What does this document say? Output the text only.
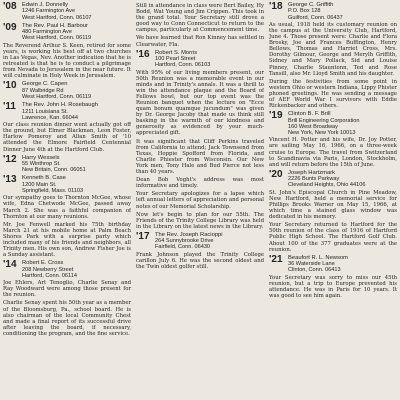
'08 Edwin J. Donnelly
1246 Farmington Ave
West Hartford, Conn. 06107
'09 The Rev. Paul H. Barbour
480 Farmington Ave
West Hartford, Conn. 06119

The Reverend Arthur S. Keen, retired for some years, is working his best off at two churches in Las Vegas, Nev. Another indication that he is retreated is that he is to conduct a pilgrimage from Nevada to Jerusalem in the near future. It will culminate in Holy Week in Jerusalem.

'10 George C. Capen
87 Walbridge Rd
West Hartford, Conn. 06119
'11	The Rev. John H. Rosebaugh
1211 Louisiana St.
Lawrence, Kan. 66044

Our class reunion dinner went actually got off the ground, but Elmer Blackman, Leon Foster, Harlow Pomeroy and Allan Smith of '10 attended the Elmore Fairfield Centennial Dinner June 4th at the Hartford Club.

'12 Harry Wessels
55 Winthrop St.
New Britain, Conn. 06051
'13 Kenneth B. Case
1200 Main St.
Springfield, Mass. 01103

Our sympathy goes to Thornton McGee, whose wife, Edna Chetwode McGee, passed away March 2. She was a faithful companion of Thornton at our many reunions.

Mr. Joe Fenwell marked his 75th birthday March 21 at his mobile home at Palm Beach Shores Park with a surprise party which included many of his friends and neighbors, all Trinity men. His own son, Andrew Fisher Joe is a Sunday assistant.

'14 Robert E. Cross
208 Newberry Street
Hartford, Conn. 06114

Joe Ehlers, Art Tenoglio, Charlie Senay and Ray Woodward were among those present for the reunion.

Charlie Senay spent his 50th year as a member of the Bloomsburg, Pa., school board. He is also chairman of the local Community Chest and made a final report of its successful drive after leaving the board, if necessary, conditioning the program, and the fine service.

Still in attendance in class were Bert Bailey, Hy Bodd, Wat Young and Jim Crippen. This took in the grand total. Your Secretary still drove a good way to Conn Connecticut to return to the campus, particularly at Commencement time.

We have learned that Ron Kinney has settled in Clearwater, Fla.

'16 Robert S. Morris
100 Pearl Street
Hartford, Conn. 06103

With 95% of our living members present, our 50th Reunion was a memorable event in our minds and in Trinity's annals. It was a thrill to win the attendance plaque and the Board of Fellows bowl, but our top event was the Reunion banquet when the lecture on "Ecce quam bonum quamque jucundum" was given by Dr. George Jacoby that made us think still basking in the warmth of our kindness and generosity as evidenced by your much-appreciated gift.

It was significant that Cliff Perkins traveled from California to attend; Jack Townsend from Texas, Hoppie Spofford from Florida, and Charlie Phiester from Wisconsin. Our New York men, Tony Hale and Bud Pierce not less than 40 years.

Dean Bob Voght's address was most informative and timely.

Your Secretary apologizes for a lapse which left annual letters of appreciation and personal notes of our Memorial Scholarship.

Now let's begin to plan for our 55th. The Friends of the Trinity College Library was held in the Library on the latest news in the Library.

'17 The Rev. Joseph Racioppi
264 Sunnybrooke Drive
Fairfield, Conn. 06430

Frank Johnson played the Trinity College carillon July 6. He was the second oldest and the Twin oldest golfer still.

'18 George C. Griffith
P.O. Box 128
Guilford, Conn. 06437

As usual, 1918 held its customary reunion on the campus at the University Club, Hartford, June 4. Those present were: Charlie and Flora Brosky, Joe and Frances Buffington, Henry Bellows, Thomas and Harriet Cross, Mrs. Dorothy Gilmour, George and Merylh Griffith, Sidney and Mary Pollack, Sid and Louise Pinney, Charlie Stauntonn, Ted and Rose Tansill, also Mr. Lloyd Smith and his daughter.

During the festivities from some point in western Ohio or western Indiana, Lippy Phister phoned greetings. He was sending a message of AEF World War I survivors with Eddie Rickenbacker and others.

'19 Clinton B. F. Brill
Brill Engineering Corporation
160 West Broadway
New York, New York 10013

Vincent H. Potter and his wife, Dr. Joy Potter, are sailing May 16, 1966, on a three-week cruise to Europe. The travel from Switzerland to Scandinavia via Paris, London, Stockholm, and will return before the 15th of June.

'20 Joseph Hartzmark
2226 Bunts Parkway
Cleveland Heights, Ohio 44106

St. John's Episcopal Church in Pine Meadow, New Hartford, held a memorial service for Phillips Brooks Warner on May 15, 1966, at which time a stained glass window was dedicated in his memory.

Your Secretary returned to Hartford for the 50th reunion of the class of 1916 of Hartford Public High School. The Hartford Golf Club. About 100 of the 377 graduates were at the reunion.

'21 Beaufort R. L. Newsom
36 Waterside Lane
Clinton, Conn. 06413

Your Secretary was sorry to miss our 45th reunion, but a trip to Europe prevented his attendance. He was in Paris for 10 years. It was good to see him again.
